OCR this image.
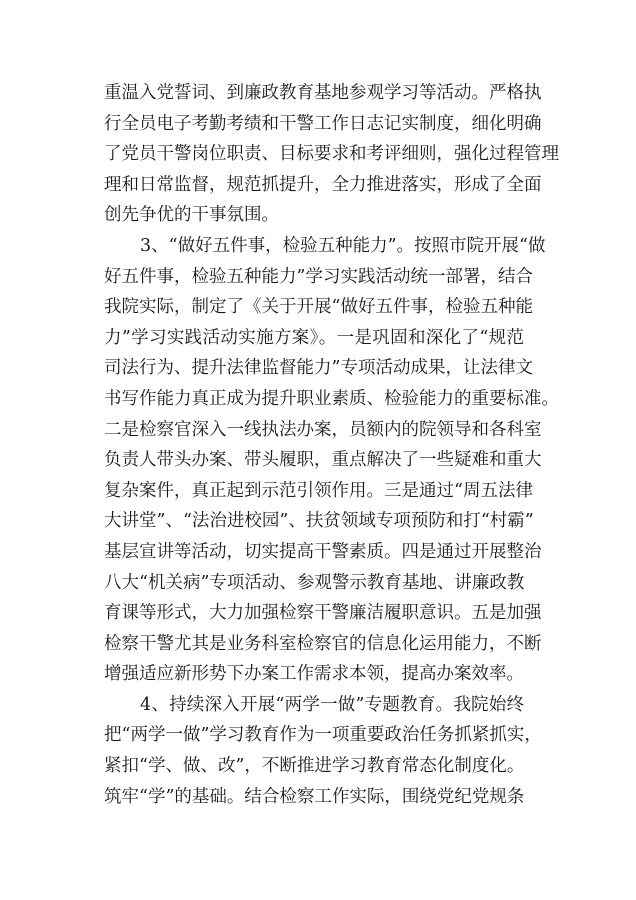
重温入党誓词、到廉政教育基地参观学习等活动。严格执
行全员电子考勤考绩和干警工作日志记实制度，细化明确
了党员干警岗位职责、目标要求和考评细则，强化过程管理
理和日常监督，规范抓提升，全力推进落实，形成了全面
创先争优的干事氛围。
3、“做好五件事，检验五种能力”。按照市院开展“做
好五件事，检验五种能力”学习实践活动统一部署，结合
我院实际，制定了《关于开展“做好五件事，检验五种能
力”学习实践活动实施方案》。一是巩固和深化了“规范
司法行为、提升法律监督能力”专项活动成果，让法律文
书写作能力真正成为提升职业素质、检验能力的重要标准。
二是检察官深入一线执法办案，员额内的院领导和各科室
负责人带头办案、带头履职，重点解决了一些疑难和重大
复杂案件，真正起到示范引领作用。三是通过“周五法律
大讲堂”、“法治进校园”、扶贫领域专项预防和打“村霸”
基层宣讲等活动，切实提高干警素质。四是通过开展整治
八大“机关病”专项活动、参观警示教育基地、讲廉政教
育课等形式，大力加强检察干警廉洁履职意识。五是加强
检察干警尤其是业务科室检察官的信息化运用能力，不断
增强适应新形势下办案工作需求本领，提高办案效率。
4、持续深入开展“两学一做”专题教育。我院始终
把“两学一做”学习教育作为一项重要政治任务抓紧抓实，
紧扣“学、做、改”，不断推进学习教育常态化制度化。
筑牢“学”的基础。结合检察工作实际，围绕党纪党规条
